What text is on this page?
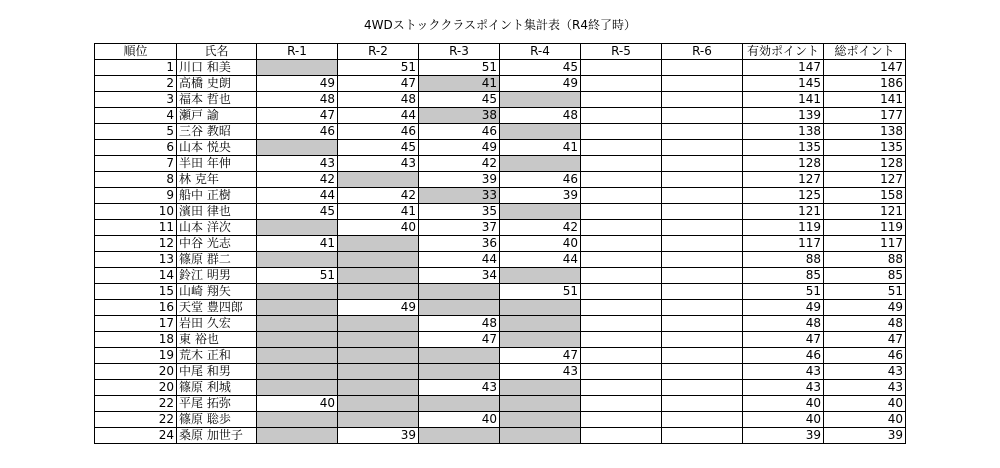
4WDストッククラスポイント集計表（R4終了時）
順位	氏名	R-1	R-2	R-3	R-4	R-5	R-6	有効ポイント	総ポイント
1	川口 和美		51	51	45			147	147
2	高橋 史朗	49	47	41	49			145	186
3	福本 哲也	48	48	45				141	141
4	瀬戸 諭	47	44	38	48			139	177
5	三谷 教昭	46	46	46				138	138
6	山本 悦央		45	49	41			135	135
7	半田 年伸	43	43	42				128	128
8	林 克年	42		39	46			127	127
9	船中 正樹	44	42	33	39			125	158
10	濱田 律也	45	41	35				121	121
11	山本 洋次		40	37	42			119	119
12	中谷 光志	41		36	40			117	117
13	篠原 群二			44	44			88	88
14	鈴江 明男	51		34				85	85
15	山崎 翔矢				51			51	51
16	天堂 豊四郎		49					49	49
17	岩田 久宏			48				48	48
18	東 裕也			47				47	47
19	荒木 正和				47			46	46
20	中尾 和男				43			43	43
20	篠原 利城			43				43	43
22	平尾 拓弥	40						40	40
22	篠原 聡歩			40				40	40
24	桑原 加世子		39					39	39
